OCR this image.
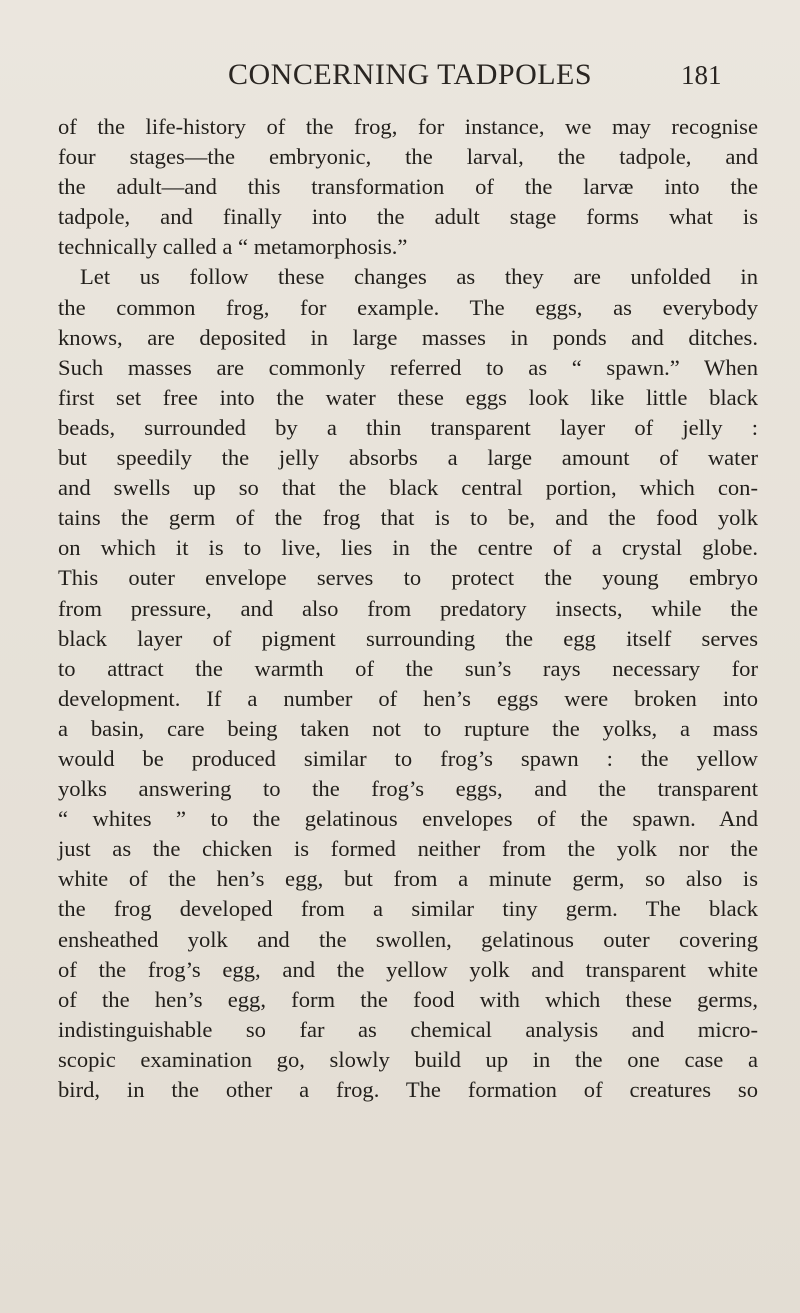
CONCERNING TADPOLES	181
of the life-history of the frog, for instance, we may recognise
four stages—the embryonic, the larval, the tadpole, and
the adult—and this transformation of the larvæ into the
tadpole, and finally into the adult stage forms what is
technically called a “ metamorphosis.”
Let us follow these changes as they are unfolded in
the common frog, for example. The eggs, as everybody
knows, are deposited in large masses in ponds and ditches.
Such masses are commonly referred to as “ spawn.” When
first set free into the water these eggs look like little black
beads, surrounded by a thin transparent layer of jelly :
but speedily the jelly absorbs a large amount of water
and swells up so that the black central portion, which con-
tains the germ of the frog that is to be, and the food yolk
on which it is to live, lies in the centre of a crystal globe.
This outer envelope serves to protect the young embryo
from pressure, and also from predatory insects, while the
black layer of pigment surrounding the egg itself serves
to attract the warmth of the sun’s rays necessary for
development. If a number of hen’s eggs were broken into
a basin, care being taken not to rupture the yolks, a mass
would be produced similar to frog’s spawn : the yellow
yolks answering to the frog’s eggs, and the transparent
“ whites ” to the gelatinous envelopes of the spawn. And
just as the chicken is formed neither from the yolk nor the
white of the hen’s egg, but from a minute germ, so also is
the frog developed from a similar tiny germ. The black
ensheathed yolk and the swollen, gelatinous outer covering
of the frog’s egg, and the yellow yolk and transparent white
of the hen’s egg, form the food with which these germs,
indistinguishable so far as chemical analysis and micro-
scopic examination go, slowly build up in the one case a
bird, in the other a frog. The formation of creatures so
